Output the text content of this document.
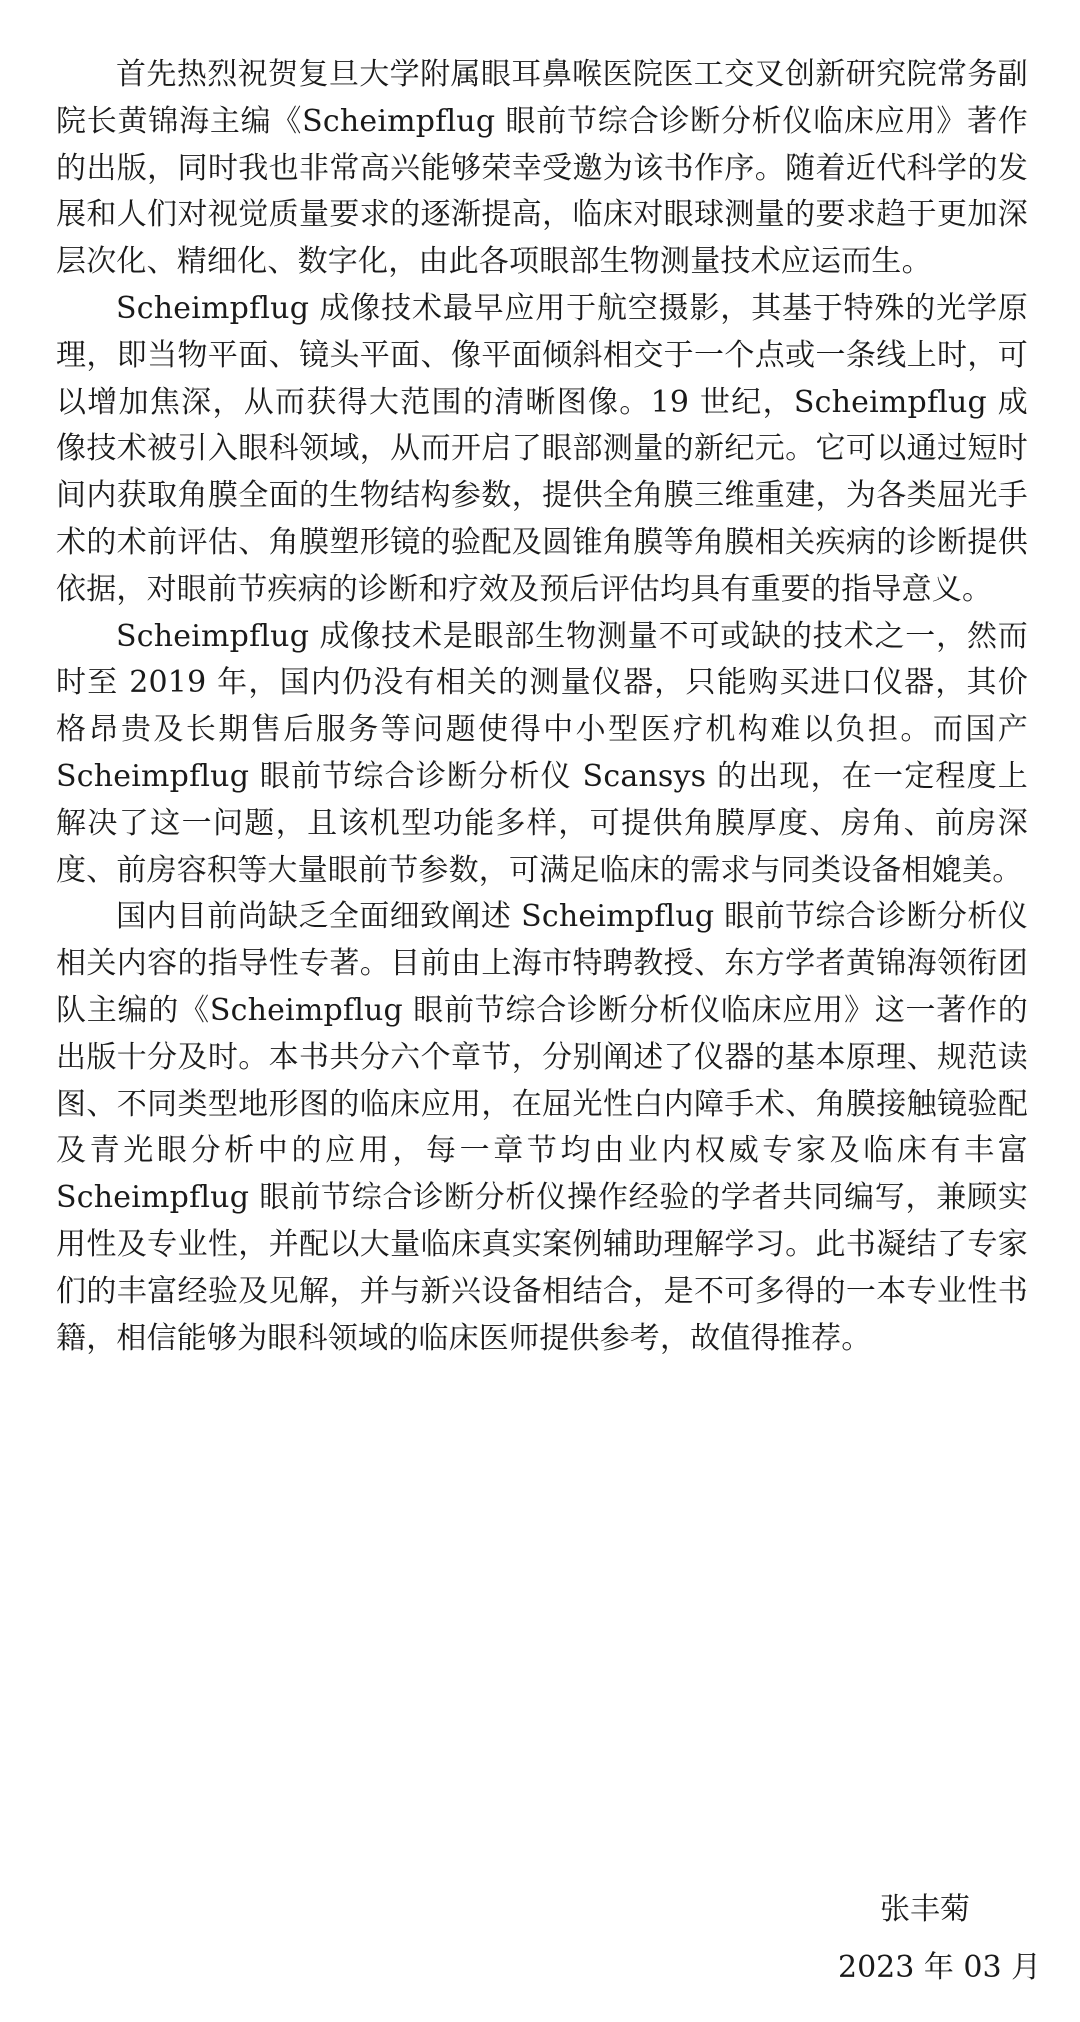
首先热烈祝贺复旦大学附属眼耳鼻喉医院医工交叉创新研究院常务副院长黄锦海主编《Scheimpflug 眼前节综合诊断分析仪临床应用》著作的出版，同时我也非常高兴能够荣幸受邀为该书作序。随着近代科学的发展和人们对视觉质量要求的逐渐提高，临床对眼球测量的要求趋于更加深层次化、精细化、数字化，由此各项眼部生物测量技术应运而生。

Scheimpflug 成像技术最早应用于航空摄影，其基于特殊的光学原理，即当物平面、镜头平面、像平面倾斜相交于一个点或一条线上时，可以增加焦深，从而获得大范围的清晰图像。19 世纪，Scheimpflug 成像技术被引入眼科领域，从而开启了眼部测量的新纪元。它可以通过短时间内获取角膜全面的生物结构参数，提供全角膜三维重建，为各类屈光手术的术前评估、角膜塑形镜的验配及圆锥角膜等角膜相关疾病的诊断提供依据，对眼前节疾病的诊断和疗效及预后评估均具有重要的指导意义。

Scheimpflug 成像技术是眼部生物测量不可或缺的技术之一，然而时至 2019 年，国内仍没有相关的测量仪器，只能购买进口仪器，其价格昂贵及长期售后服务等问题使得中小型医疗机构难以负担。而国产 Scheimpflug 眼前节综合诊断分析仪 Scansys 的出现，在一定程度上解决了这一问题，且该机型功能多样，可提供角膜厚度、房角、前房深度、前房容积等大量眼前节参数，可满足临床的需求与同类设备相媲美。

国内目前尚缺乏全面细致阐述 Scheimpflug 眼前节综合诊断分析仪相关内容的指导性专著。目前由上海市特聘教授、东方学者黄锦海领衔团队主编的《Scheimpflug 眼前节综合诊断分析仪临床应用》这一著作的出版十分及时。本书共分六个章节，分别阐述了仪器的基本原理、规范读图、不同类型地形图的临床应用，在屈光性白内障手术、角膜接触镜验配及青光眼分析中的应用，每一章节均由业内权威专家及临床有丰富 Scheimpflug 眼前节综合诊断分析仪操作经验的学者共同编写，兼顾实用性及专业性，并配以大量临床真实案例辅助理解学习。此书凝结了专家们的丰富经验及见解，并与新兴设备相结合，是不可多得的一本专业性书籍，相信能够为眼科领域的临床医师提供参考，故值得推荐。

张丰菊
2023 年 03 月
